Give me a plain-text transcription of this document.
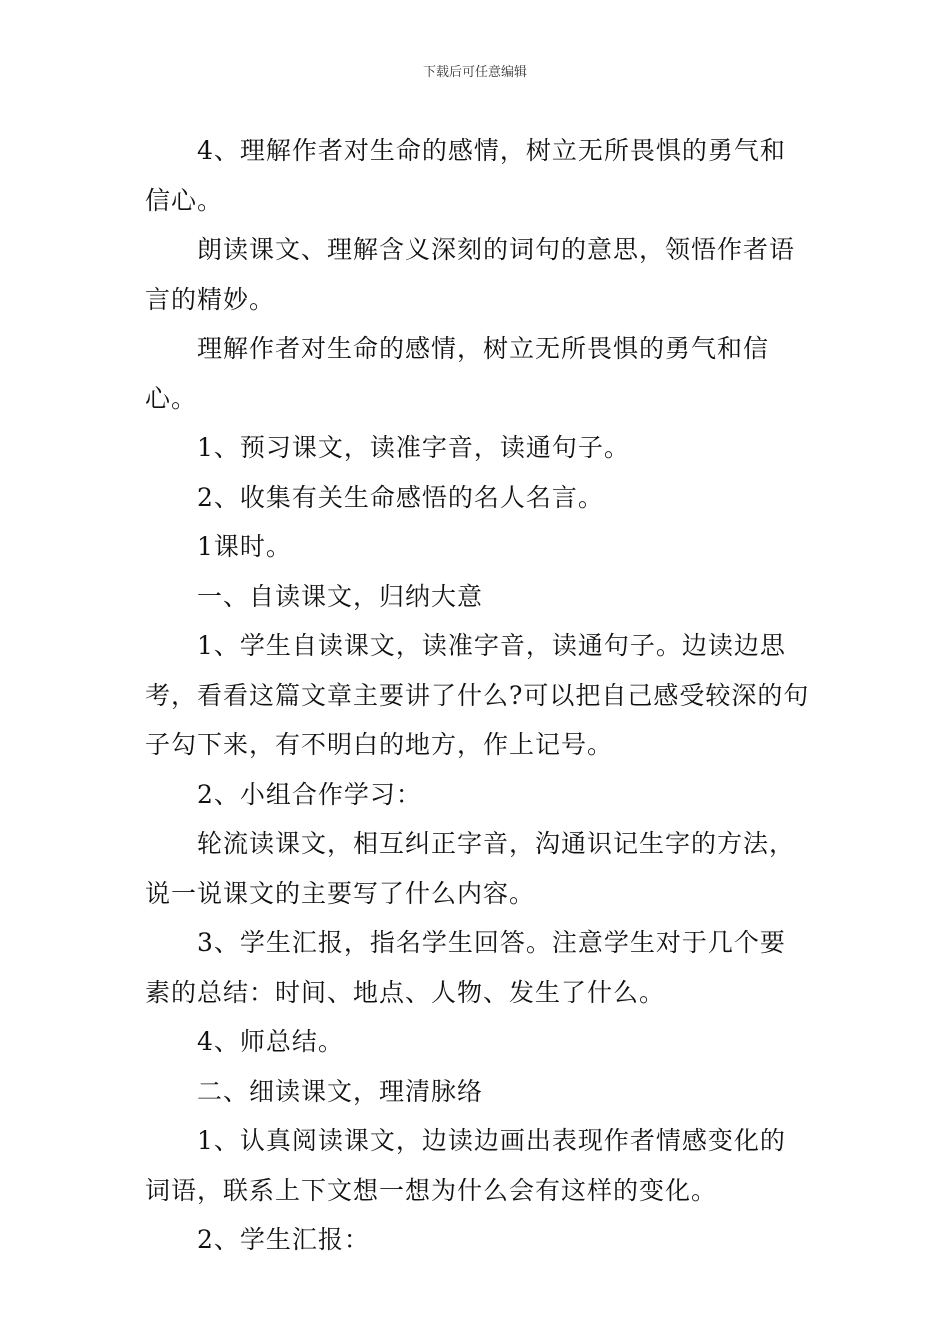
下载后可任意编辑

4、理解作者对生命的感情，树立无所畏惧的勇气和信心。

朗读课文、理解含义深刻的词句的意思，领悟作者语言的精妙。

理解作者对生命的感情，树立无所畏惧的勇气和信心。

1、预习课文，读准字音，读通句子。

2、收集有关生命感悟的名人名言。

1课时。

一、自读课文，归纳大意

1、学生自读课文，读准字音，读通句子。边读边思考，看看这篇文章主要讲了什么?可以把自己感受较深的句子勾下来，有不明白的地方，作上记号。

2、小组合作学习：

轮流读课文，相互纠正字音，沟通识记生字的方法，说一说课文的主要写了什么内容。

3、学生汇报，指名学生回答。注意学生对于几个要素的总结：时间、地点、人物、发生了什么。

4、师总结。

二、细读课文，理清脉络

1、认真阅读课文，边读边画出表现作者情感变化的词语，联系上下文想一想为什么会有这样的变化。

2、学生汇报：
